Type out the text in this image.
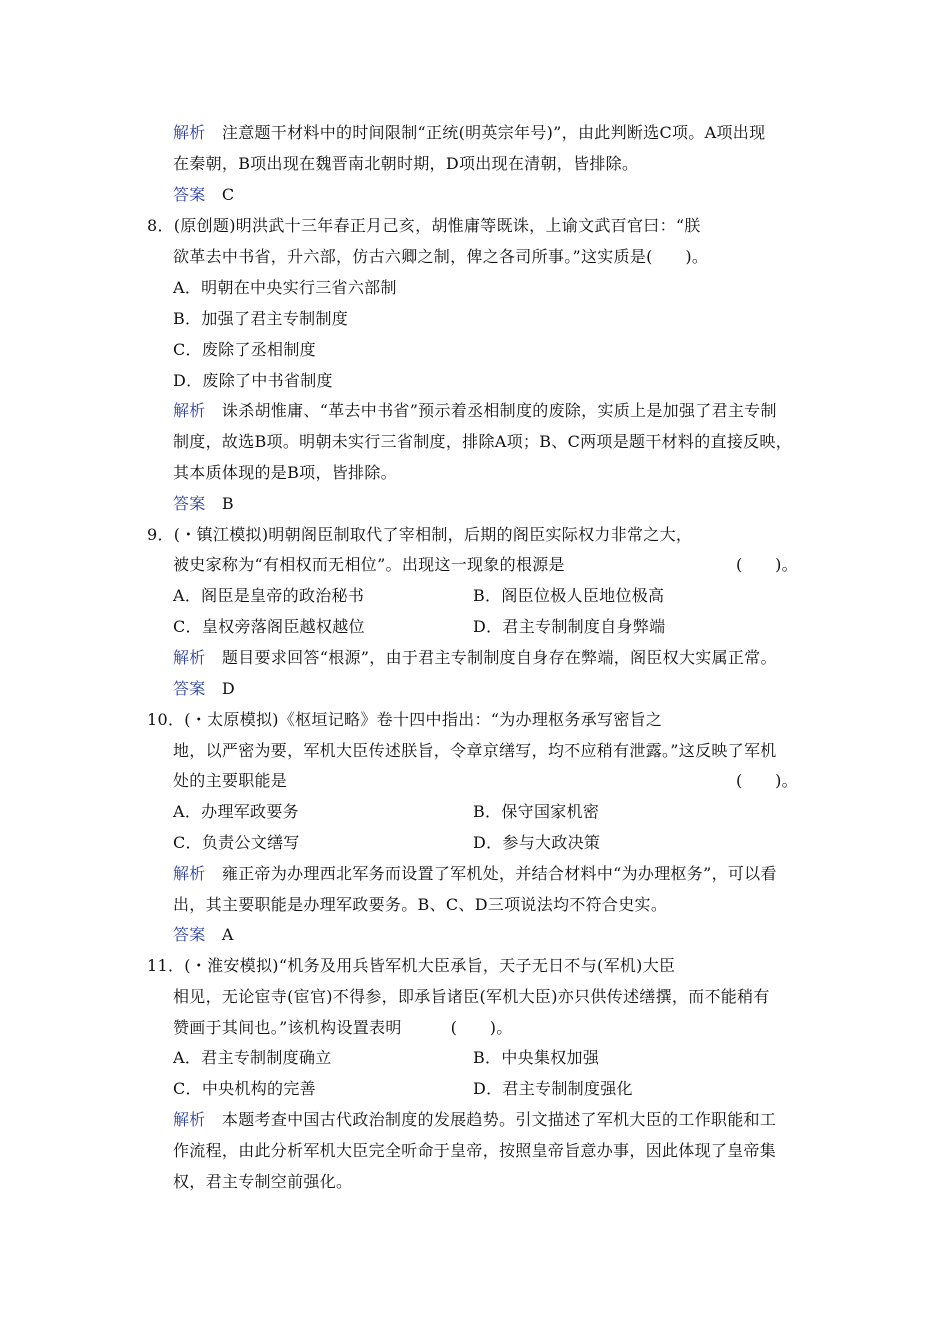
解析　 注意题干材料中的时间限制“正统(明英宗年号)”，由此判断选C项。A项出现
在秦朝，B项出现在魏晋南北朝时期，D项出现在清朝，皆排除。
答案　 C
8．(原创题)明洪武十三年春正月己亥，胡惟庸等既诛，上谕文武百官曰：“朕
欲革去中书省，升六部，仿古六卿之制，俾之各司所事。”这实质是(　　)。
A．明朝在中央实行三省六部制
B．加强了君主专制制度
C．废除了丞相制度
D．废除了中书省制度
解析　 诛杀胡惟庸、“革去中书省”预示着丞相制度的废除，实质上是加强了君主专制
制度，故选B项。明朝未实行三省制度，排除A项；B、C两项是题干材料的直接反映，
其本质体现的是B项，皆排除。
答案　 B
9．(・镇江模拟)明朝阁臣制取代了宰相制，后期的阁臣实际权力非常之大，
被史家称为“有相权而无相位”。出现这一现象的根源是	(　　)。
A．阁臣是皇帝的政治秘书	B．阁臣位极人臣地位极高
C．皇权旁落阁臣越权越位	D．君主专制制度自身弊端
解析　 题目要求回答“根源”，由于君主专制制度自身存在弊端，阁臣权大实属正常。
答案　 D
10．(・太原模拟)《枢垣记略》卷十四中指出：“为办理枢务承写密旨之
地，以严密为要，军机大臣传述朕旨，令章京缮写，均不应稍有泄露。”这反映了军机
处的主要职能是	(　　)。
A．办理军政要务	B．保守国家机密
C．负责公文缮写	D．参与大政决策
解析　 雍正帝为办理西北军务而设置了军机处，并结合材料中“为办理枢务”，可以看
出，其主要职能是办理军政要务。B、C、D三项说法均不符合史实。
答案　 A
11．(・淮安模拟)“机务及用兵皆军机大臣承旨，天子无日不与(军机)大臣
相见，无论宦寺(宦官)不得参，即承旨诸臣(军机大臣)亦只供传述缮撰，而不能稍有
赞画于其间也。”该机构设置表明　　　(　　)。
A．君主专制制度确立	B．中央集权加强
C．中央机构的完善	D．君主专制制度强化
解析　 本题考查中国古代政治制度的发展趋势。引文描述了军机大臣的工作职能和工
作流程，由此分析军机大臣完全听命于皇帝，按照皇帝旨意办事，因此体现了皇帝集
权，君主专制空前强化。
